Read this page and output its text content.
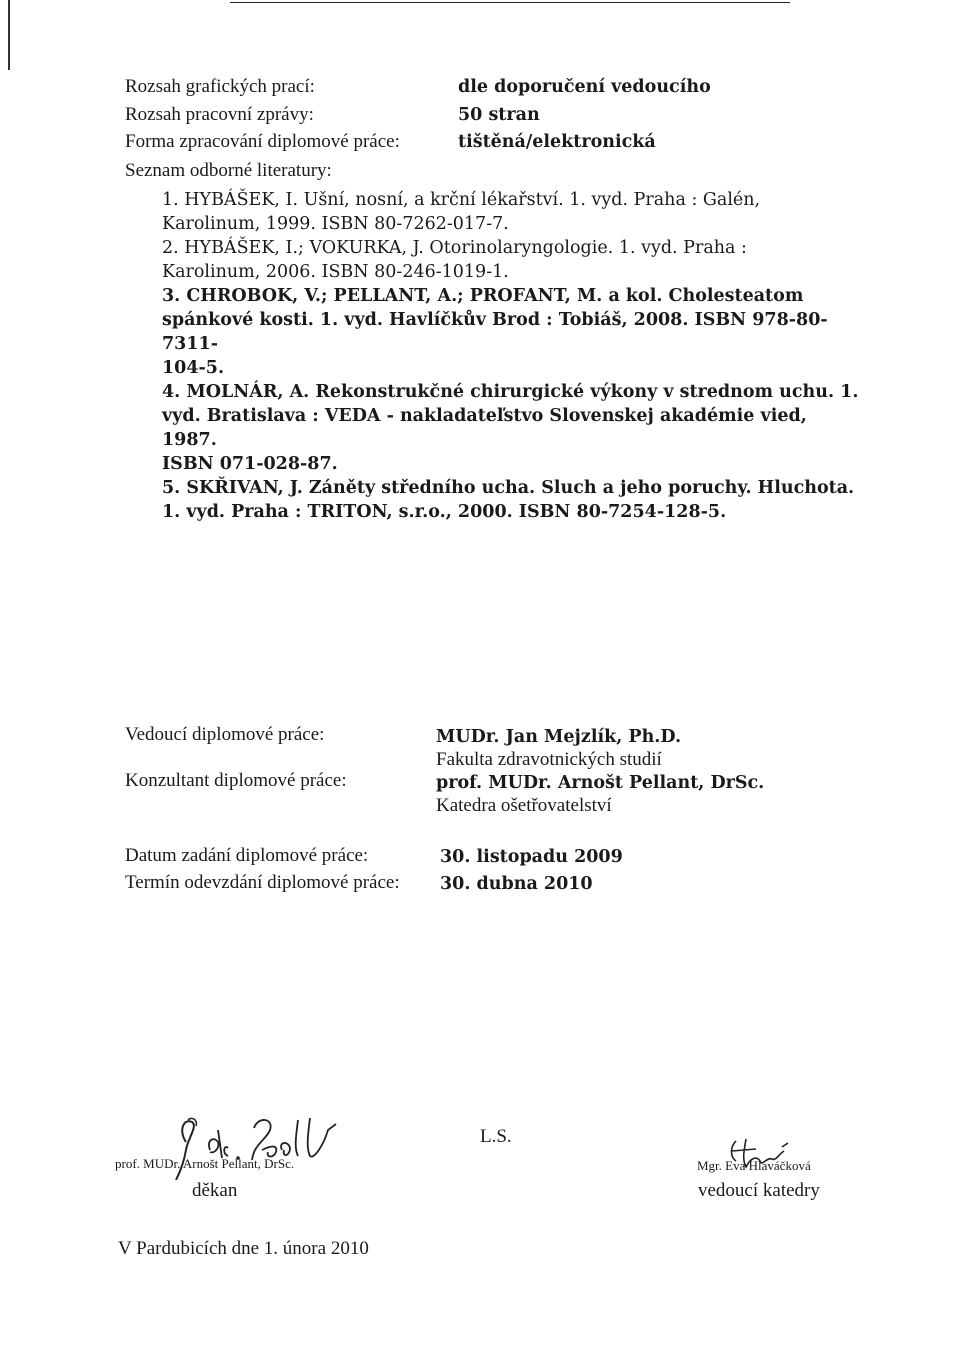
Rozsah grafických prací:	dle doporučení vedoucího
Rozsah pracovní zprávy:	50 stran
Forma zpracování diplomové práce:	tištěná/elektronická
Seznam odborné literatury:

1. HYBÁŠEK, I. Ušní, nosní, a krční lékařství. 1. vyd. Praha : Galén,

Karolinum, 1999. ISBN 80-7262-017-7.

2. HYBÁŠEK, I.; VOKURKA, J. Otorinolaryngologie. 1. vyd. Praha :

Karolinum, 2006. ISBN 80-246-1019-1.

3. CHROBOK, V.; PELLANT, A.; PROFANT, M. a kol. Cholesteatom

spánkové kosti. 1. vyd. Havlíčkův Brod : Tobiáš, 2008. ISBN 978-80-7311-

104-5.

4. MOLNÁR, A. Rekonstrukčné chirurgické výkony v strednom uchu. 1.

vyd. Bratislava : VEDA - nakladateľstvo Slovenskej akadémie vied, 1987.

ISBN 071-028-87.

5. SKŘIVAN, J. Záněty středního ucha. Sluch a jeho poruchy. Hluchota.

1. vyd. Praha : TRITON, s.r.o., 2000. ISBN 80-7254-128-5.

Vedoucí diplomové práce:	MUDr. Jan Mejzlík, Ph.D.
Fakulta zdravotnických studií
Konzultant diplomové práce:	prof. MUDr. Arnošt Pellant, DrSc.
Katedra ošetřovatelství
Datum zadání diplomové práce:	30. listopadu 2009
Termín odevzdání diplomové práce: 30. dubna 2010
prof. MUDr. Arnošt Pellant, DrSc.
děkan
L.S.
Mgr. Eva Hlaváčková
vedoucí katedry
V Pardubicích dne 1. února 2010
